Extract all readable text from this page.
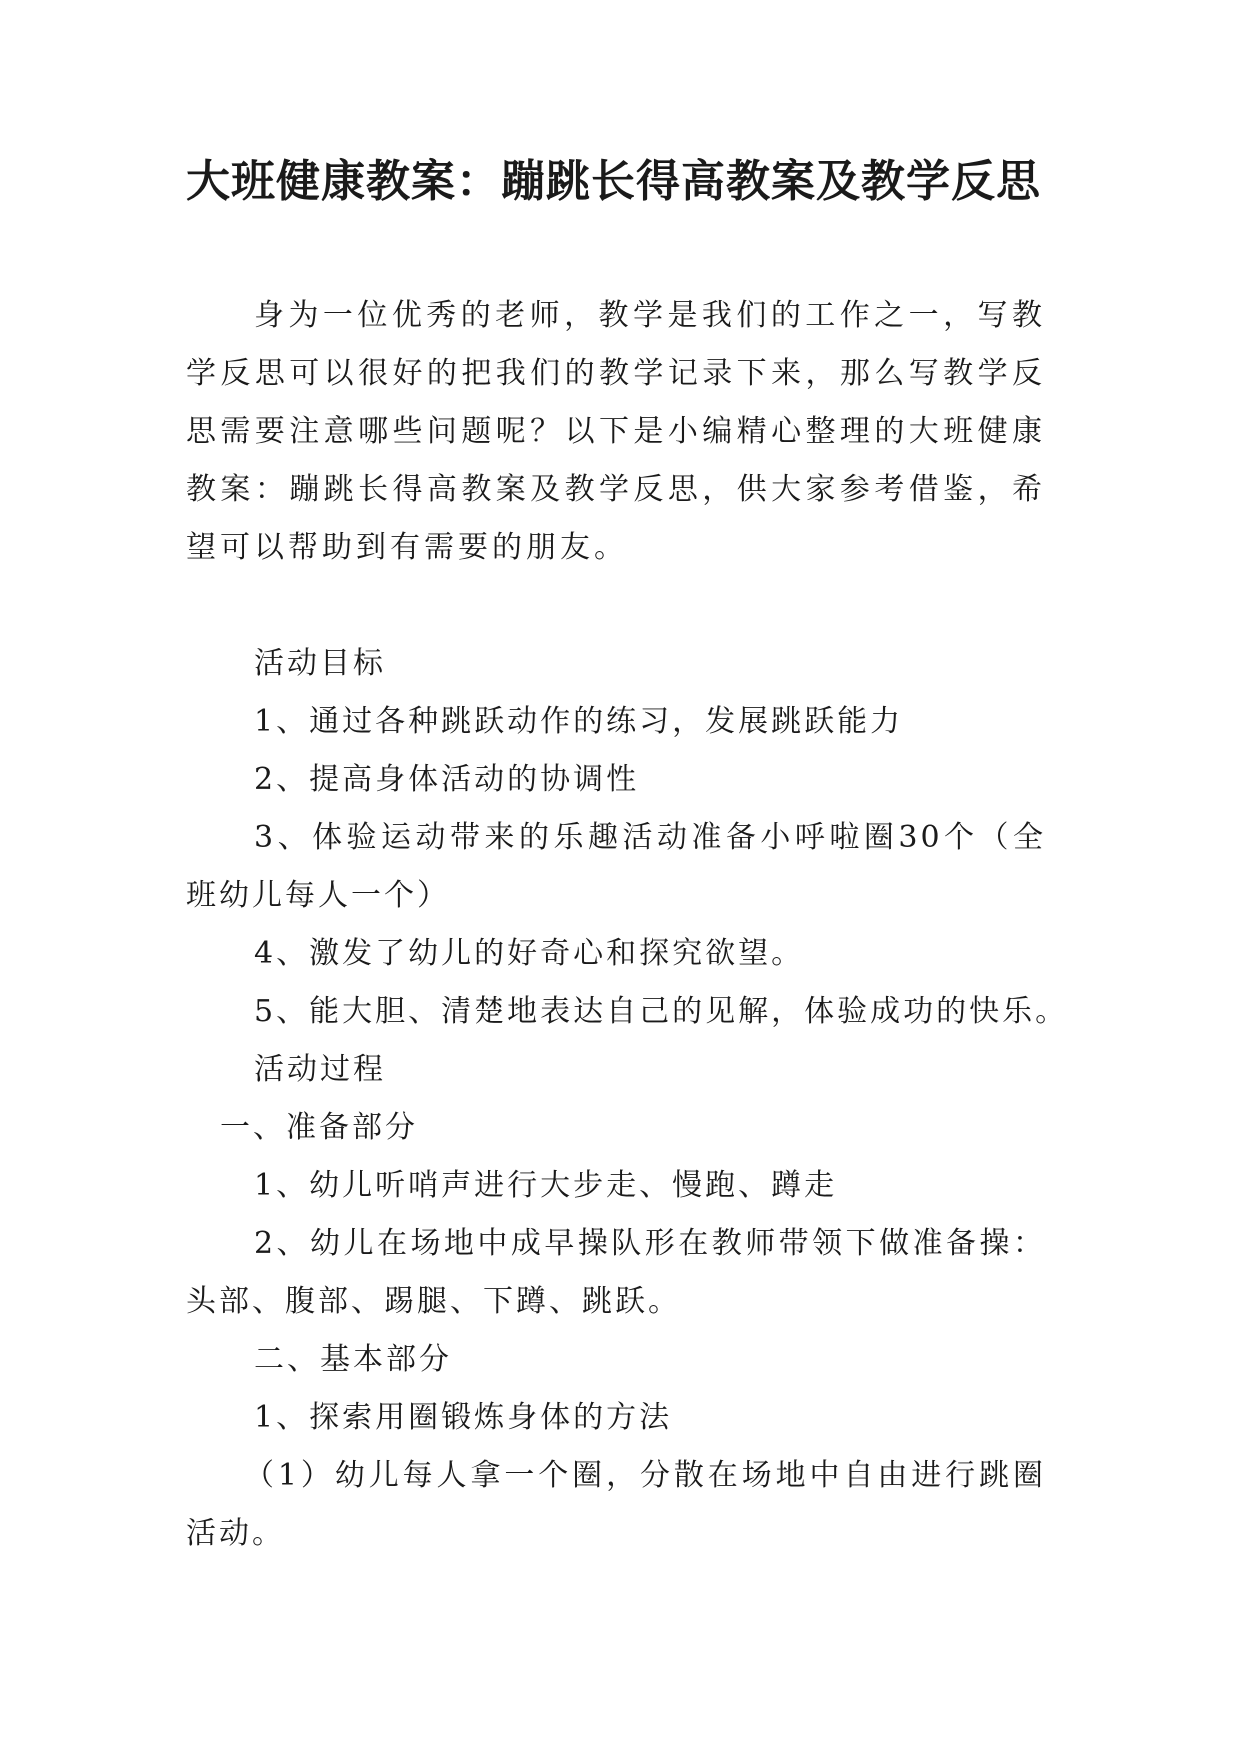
大班健康教案：蹦跳长得高教案及教学反思
身为一位优秀的老师，教学是我们的工作之一，写教学反思可以很好的把我们的教学记录下来，那么写教学反思需要注意哪些问题呢？以下是小编精心整理的大班健康教案：蹦跳长得高教案及教学反思，供大家参考借鉴，希望可以帮助到有需要的朋友。
活动目标
1、通过各种跳跃动作的练习，发展跳跃能力
2、提高身体活动的协调性
3、体验运动带来的乐趣活动准备小呼啦圈30个（全班幼儿每人一个）
4、激发了幼儿的好奇心和探究欲望。
5、能大胆、清楚地表达自己的见解，体验成功的快乐。
活动过程
一、准备部分
1、幼儿听哨声进行大步走、慢跑、蹲走
2、幼儿在场地中成早操队形在教师带领下做准备操：头部、腹部、踢腿、下蹲、跳跃。
二、基本部分
1、探索用圈锻炼身体的方法
（1）幼儿每人拿一个圈，分散在场地中自由进行跳圈活动。
